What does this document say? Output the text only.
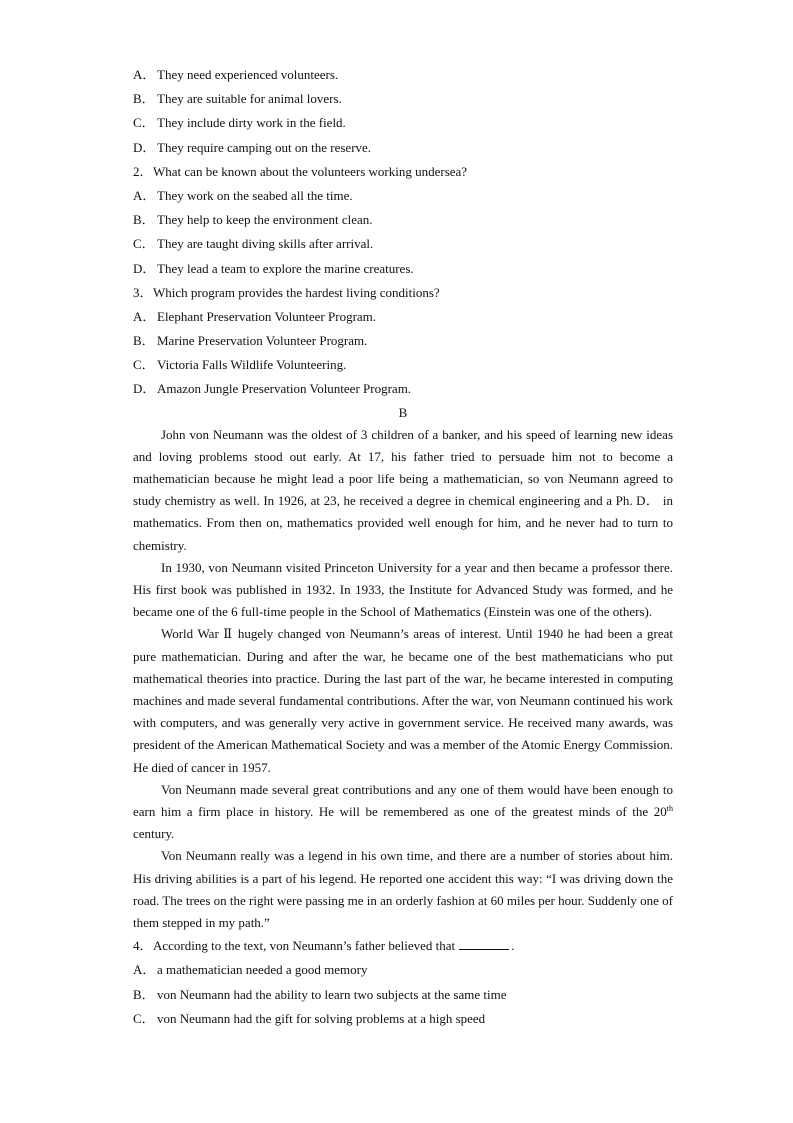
A． They need experienced volunteers.
B． They are suitable for animal lovers.
C． They include dirty work in the field.
D． They require camping out on the reserve.
2．What can be known about the volunteers working undersea?
A． They work on the seabed all the time.
B． They help to keep the environment clean.
C． They are taught diving skills after arrival.
D． They lead a team to explore the marine creatures.
3．Which program provides the hardest living conditions?
A． Elephant Preservation Volunteer Program.
B． Marine Preservation Volunteer Program.
C． Victoria Falls Wildlife Volunteering.
D． Amazon Jungle Preservation Volunteer Program.
B

John von Neumann was the oldest of 3 children of a banker, and his speed of learning new ideas and loving problems stood out early. At 17, his father tried to persuade him not to become a mathematician because he might lead a poor life being a mathematician, so von Neumann agreed to study chemistry as well. In 1926, at 23, he received a degree in chemical engineering and a Ph. D． in mathematics. From then on, mathematics provided well enough for him, and he never had to turn to chemistry.

In 1930, von Neumann visited Princeton University for a year and then became a professor there. His first book was published in 1932. In 1933, the Institute for Advanced Study was formed, and he became one of the 6 full-time people in the School of Mathematics (Einstein was one of the others).

World War Ⅱ hugely changed von Neumann’s areas of interest. Until 1940 he had been a great pure mathematician. During and after the war, he became one of the best mathematicians who put mathematical theories into practice. During the last part of the war, he became interested in computing machines and made several fundamental contributions. After the war, von Neumann continued his work with computers, and was generally very active in government service. He received many awards, was president of the American Mathematical Society and was a member of the Atomic Energy Commission. He died of cancer in 1957.

Von Neumann made several great contributions and any one of them would have been enough to earn him a firm place in history. He will be remembered as one of the greatest minds of the 20th century.

Von Neumann really was a legend in his own time, and there are a number of stories about him. His driving abilities is a part of his legend. He reported one accident this way: “I was driving down the road. The trees on the right were passing me in an orderly fashion at 60 miles per hour. Suddenly one of them stepped in my path.”

4．According to the text, von Neumann’s father believed that	.
A． a mathematician needed a good memory
B． von Neumann had the ability to learn two subjects at the same time
C． von Neumann had the gift for solving problems at a high speed
